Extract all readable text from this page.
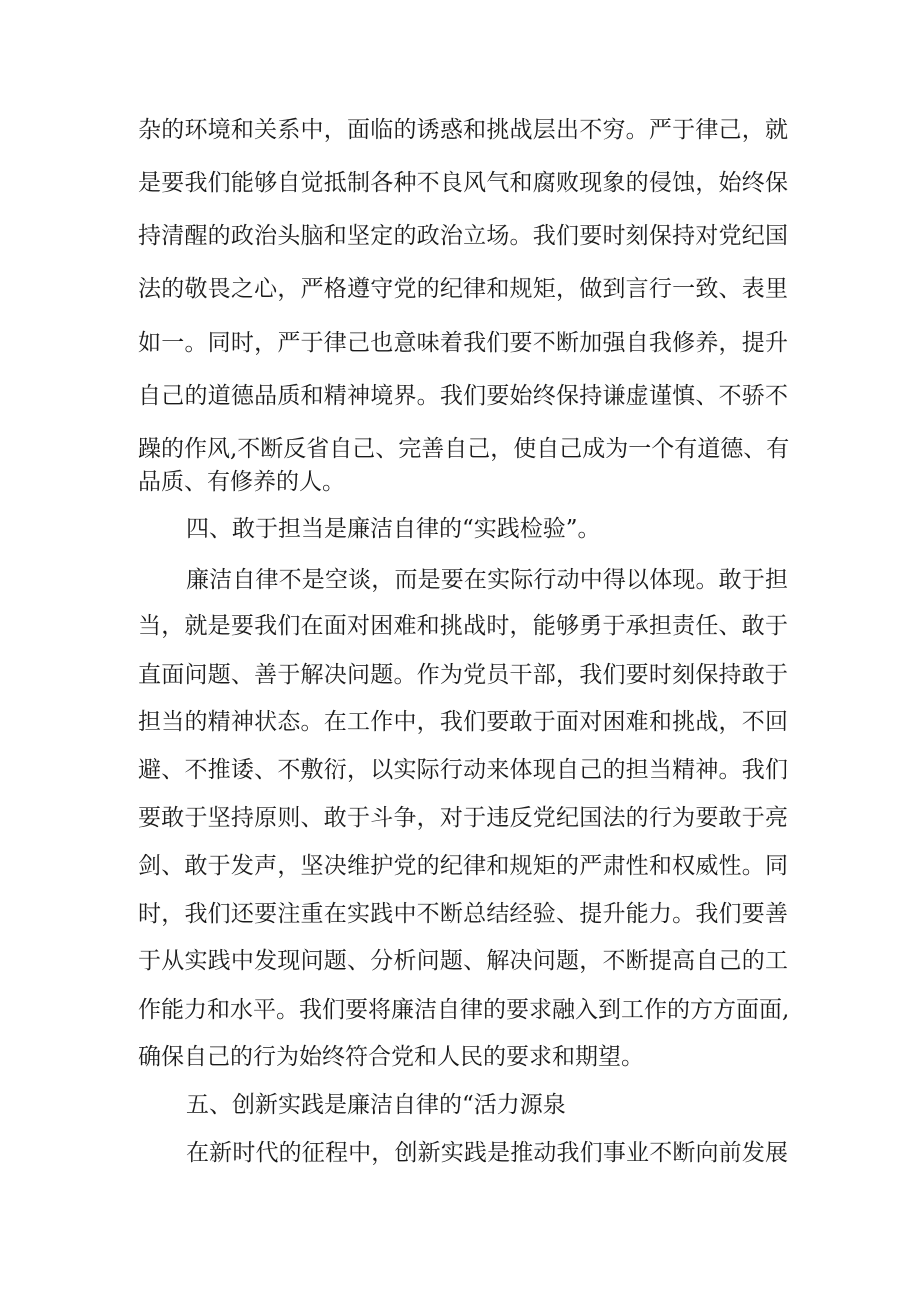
杂的环境和关系中，面临的诱惑和挑战层出不穷。严于律己，就
是要我们能够自觉抵制各种不良风气和腐败现象的侵蚀，始终保
持清醒的政治头脑和坚定的政治立场。我们要时刻保持对党纪国
法的敬畏之心，严格遵守党的纪律和规矩，做到言行一致、表里
如一。同时，严于律己也意味着我们要不断加强自我修养，提升
自己的道德品质和精神境界。我们要始终保持谦虚谨慎、不骄不
躁的作风,不断反省自己、完善自己，使自己成为一个有道德、有
品质、有修养的人。
四、敢于担当是廉洁自律的“实践检验”。
廉洁自律不是空谈，而是要在实际行动中得以体现。敢于担
当，就是要我们在面对困难和挑战时，能够勇于承担责任、敢于
直面问题、善于解决问题。作为党员干部，我们要时刻保持敢于
担当的精神状态。在工作中，我们要敢于面对困难和挑战，不回
避、不推诿、不敷衍，以实际行动来体现自己的担当精神。我们
要敢于坚持原则、敢于斗争，对于违反党纪国法的行为要敢于亮
剑、敢于发声，坚决维护党的纪律和规矩的严肃性和权威性。同
时，我们还要注重在实践中不断总结经验、提升能力。我们要善
于从实践中发现问题、分析问题、解决问题，不断提高自己的工
作能力和水平。我们要将廉洁自律的要求融入到工作的方方面面,
确保自己的行为始终符合党和人民的要求和期望。
五、创新实践是廉洁自律的“活力源泉
在新时代的征程中，创新实践是推动我们事业不断向前发展
